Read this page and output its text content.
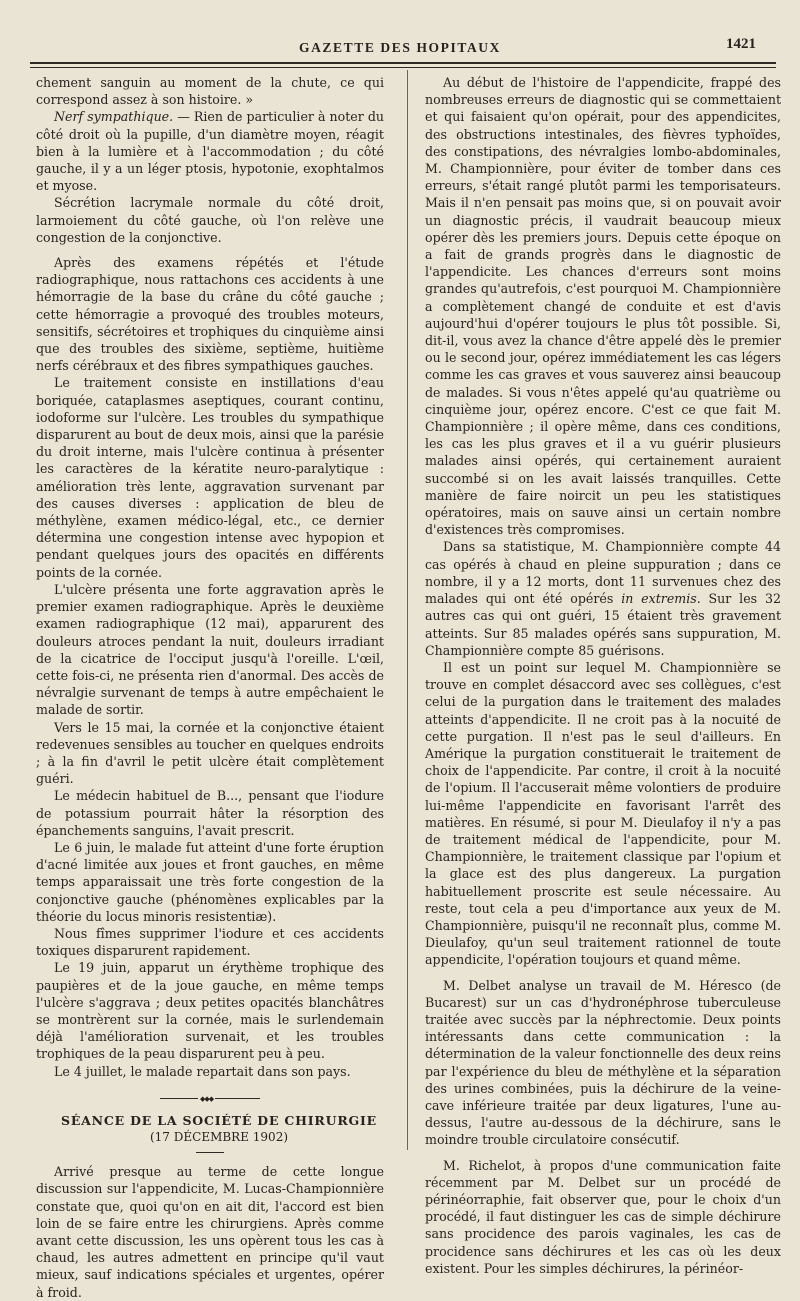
GAZETTE DES HOPITAUX	1421

chement sanguin au moment de la chute, ce qui correspond assez à son histoire. »

Nerf sympathique. — Rien de particulier à noter du côté droit où la pupille, d'un diamètre moyen, réagit bien à la lumière et à l'accommodation ; du côté gauche, il y a un léger ptosis, hypotonie, exophtalmos et myose.

Sécrétion lacrymale normale du côté droit, larmoiement du côté gauche, où l'on relève une congestion de la conjonctive.

Après des examens répétés et l'étude radiographique, nous rattachons ces accidents à une hémorragie de la base du crâne du côté gauche ; cette hémorragie a provoqué des troubles moteurs, sensitifs, sécrétoires et trophiques du cinquième ainsi que des troubles des sixième, septième, huitième nerfs cérébraux et des fibres sympathiques gauches.

Le traitement consiste en instillations d'eau boriquée, cataplasmes aseptiques, courant continu, iodoforme sur l'ulcère. Les troubles du sympathique disparurent au bout de deux mois, ainsi que la parésie du droit interne, mais l'ulcère continua à présenter les caractères de la kératite neuro-paralytique : amélioration très lente, aggravation survenant par des causes diverses : application de bleu de méthylène, examen médico-légal, etc., ce dernier détermina une congestion intense avec hypopion et pendant quelques jours des opacités en différents points de la cornée.

L'ulcère présenta une forte aggravation après le premier examen radiographique. Après le deuxième examen radiographique (12 mai), apparurent des douleurs atroces pendant la nuit, douleurs irradiant de la cicatrice de l'occiput jusqu'à l'oreille. L'œil, cette fois-ci, ne présenta rien d'anormal. Des accès de névralgie survenant de temps à autre empêchaient le malade de sortir.

Vers le 15 mai, la cornée et la conjonctive étaient redevenues sensibles au toucher en quelques endroits ; à la fin d'avril le petit ulcère était complètement guéri.

Le médecin habituel de B..., pensant que l'iodure de potassium pourrait hâter la résorption des épanchements sanguins, l'avait prescrit.

Le 6 juin, le malade fut atteint d'une forte éruption d'acné limitée aux joues et front gauches, en même temps apparaissait une très forte congestion de la conjonctive gauche (phénomènes explicables par la théorie du locus minoris resistentiæ).

Nous fîmes supprimer l'iodure et ces accidents toxiques disparurent rapidement.

Le 19 juin, apparut un érythème trophique des paupières et de la joue gauche, en même temps l'ulcère s'aggrava ; deux petites opacités blanchâtres se montrèrent sur la cornée, mais le surlendemain déjà l'amélioration survenait, et les troubles trophiques de la peau disparurent peu à peu.

Le 4 juillet, le malade repartait dans son pays.

◆◆◆

SÉANCE DE LA SOCIÉTÉ DE CHIRURGIE

(17 DÉCEMBRE 1902)

Arrivé presque au terme de cette longue discussion sur l'appendicite, M. Lucas-Championnière constate que, quoi qu'on en ait dit, l'accord est bien loin de se faire entre les chirurgiens. Après comme avant cette discussion, les uns opèrent tous les cas à chaud, les autres admettent en principe qu'il vaut mieux, sauf indications spéciales et urgentes, opérer à froid.

Au début de l'histoire de l'appendicite, frappé des nombreuses erreurs de diagnostic qui se commettaient et qui faisaient qu'on opérait, pour des appendicites, des obstructions intestinales, des fièvres typhoïdes, des constipations, des névralgies lombo-abdominales, M. Championnière, pour éviter de tomber dans ces erreurs, s'était rangé plutôt parmi les temporisateurs. Mais il n'en pensait pas moins que, si on pouvait avoir un diagnostic précis, il vaudrait beaucoup mieux opérer dès les premiers jours. Depuis cette époque on a fait de grands progrès dans le diagnostic de l'appendicite. Les chances d'erreurs sont moins grandes qu'autrefois, c'est pourquoi M. Championnière a complètement changé de conduite et est d'avis aujourd'hui d'opérer toujours le plus tôt possible. Si, dit-il, vous avez la chance d'être appelé dès le premier ou le second jour, opérez immédiatement les cas légers comme les cas graves et vous sauverez ainsi beaucoup de malades. Si vous n'êtes appelé qu'au quatrième ou cinquième jour, opérez encore. C'est ce que fait M. Championnière ; il opère même, dans ces conditions, les cas les plus graves et il a vu guérir plusieurs malades ainsi opérés, qui certainement auraient succombé si on les avait laissés tranquilles. Cette manière de faire noircit un peu les statistiques opératoires, mais on sauve ainsi un certain nombre d'existences très compromises.

Dans sa statistique, M. Championnière compte 44 cas opérés à chaud en pleine suppuration ; dans ce nombre, il y a 12 morts, dont 11 survenues chez des malades qui ont été opérés in extremis. Sur les 32 autres cas qui ont guéri, 15 étaient très gravement atteints. Sur 85 malades opérés sans suppuration, M. Championnière compte 85 guérisons.

Il est un point sur lequel M. Championnière se trouve en complet désaccord avec ses collègues, c'est celui de la purgation dans le traitement des malades atteints d'appendicite. Il ne croit pas à la nocuité de cette purgation. Il n'est pas le seul d'ailleurs. En Amérique la purgation constituerait le traitement de choix de l'appendicite. Par contre, il croit à la nocuité de l'opium. Il l'accuserait même volontiers de produire lui-même l'appendicite en favorisant l'arrêt des matières. En résumé, si pour M. Dieulafoy il n'y a pas de traitement médical de l'appendicite, pour M. Championnière, le traitement classique par l'opium et la glace est des plus dangereux. La purgation habituellement proscrite est seule nécessaire. Au reste, tout cela a peu d'importance aux yeux de M. Championnière, puisqu'il ne reconnaît plus, comme M. Dieulafoy, qu'un seul traitement rationnel de toute appendicite, l'opération toujours et quand même.

M. Delbet analyse un travail de M. Héresco (de Bucarest) sur un cas d'hydronéphrose tuberculeuse traitée avec succès par la néphrectomie. Deux points intéressants dans cette communication : la détermination de la valeur fonctionnelle des deux reins par l'expérience du bleu de méthylène et la séparation des urines combinées, puis la déchirure de la veine-cave inférieure traitée par deux ligatures, l'une au-dessus, l'autre au-dessous de la déchirure, sans le moindre trouble circulatoire consécutif.

M. Richelot, à propos d'une communication faite récemment par M. Delbet sur un procédé de périnéorraphie, fait observer que, pour le choix d'un procédé, il faut distinguer les cas de simple déchirure sans procidence des parois vaginales, les cas de procidence sans déchirures et les cas où les deux existent. Pour les simples déchirures, la périnéor-
